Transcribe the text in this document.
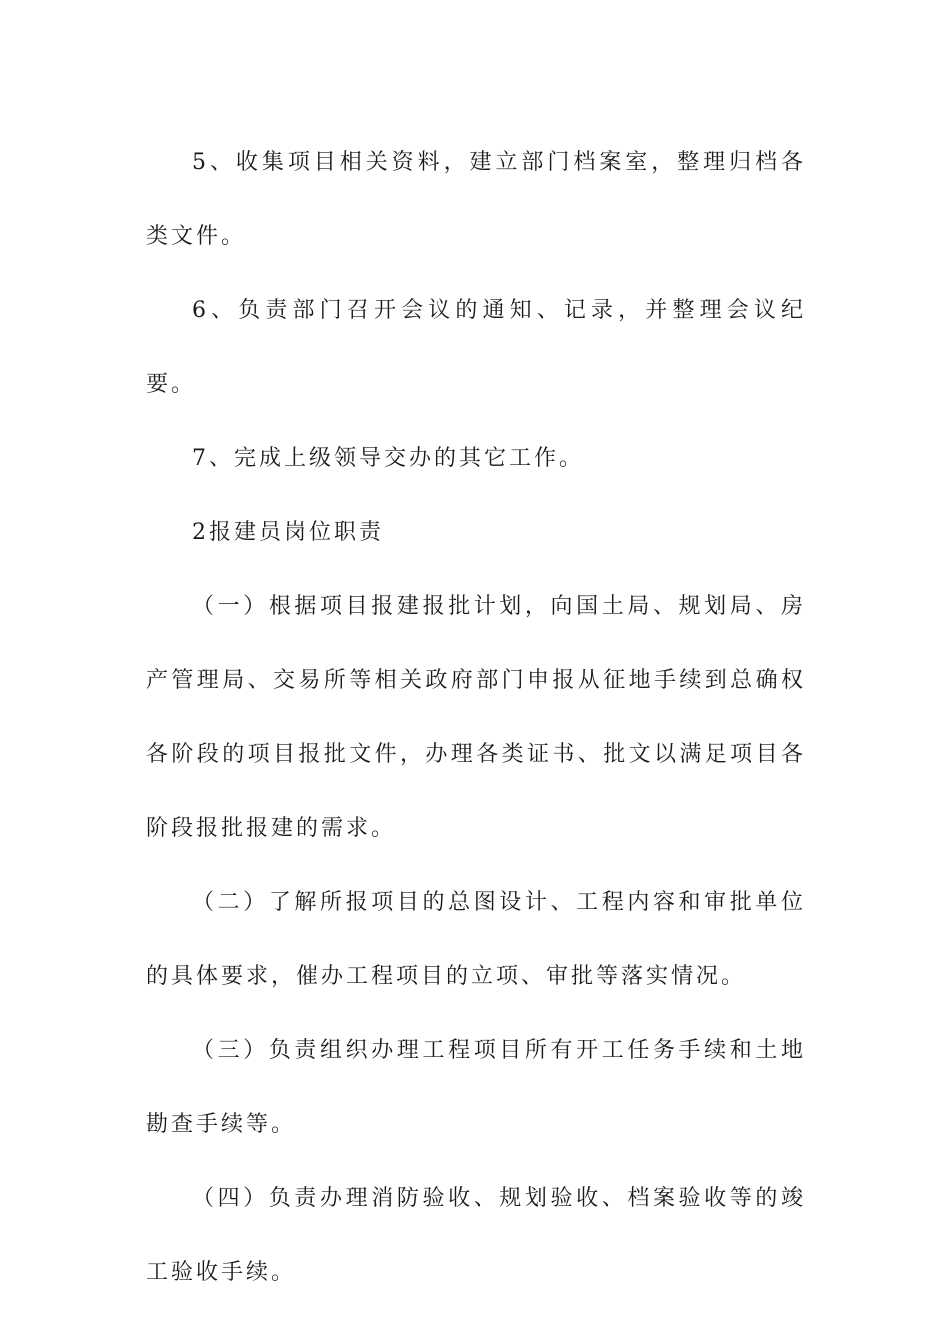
5、收集项目相关资料，建立部门档案室，整理归档各类文件。

6、负责部门召开会议的通知、记录，并整理会议纪要。

7、完成上级领导交办的其它工作。

2报建员岗位职责

（一）根据项目报建报批计划，向国土局、规划局、房产管理局、交易所等相关政府部门申报从征地手续到总确权各阶段的项目报批文件，办理各类证书、批文以满足项目各阶段报批报建的需求。

（二）了解所报项目的总图设计、工程内容和审批单位的具体要求，催办工程项目的立项、审批等落实情况。

（三）负责组织办理工程项目所有开工任务手续和土地勘查手续等。

（四）负责办理消防验收、规划验收、档案验收等的竣工验收手续。
